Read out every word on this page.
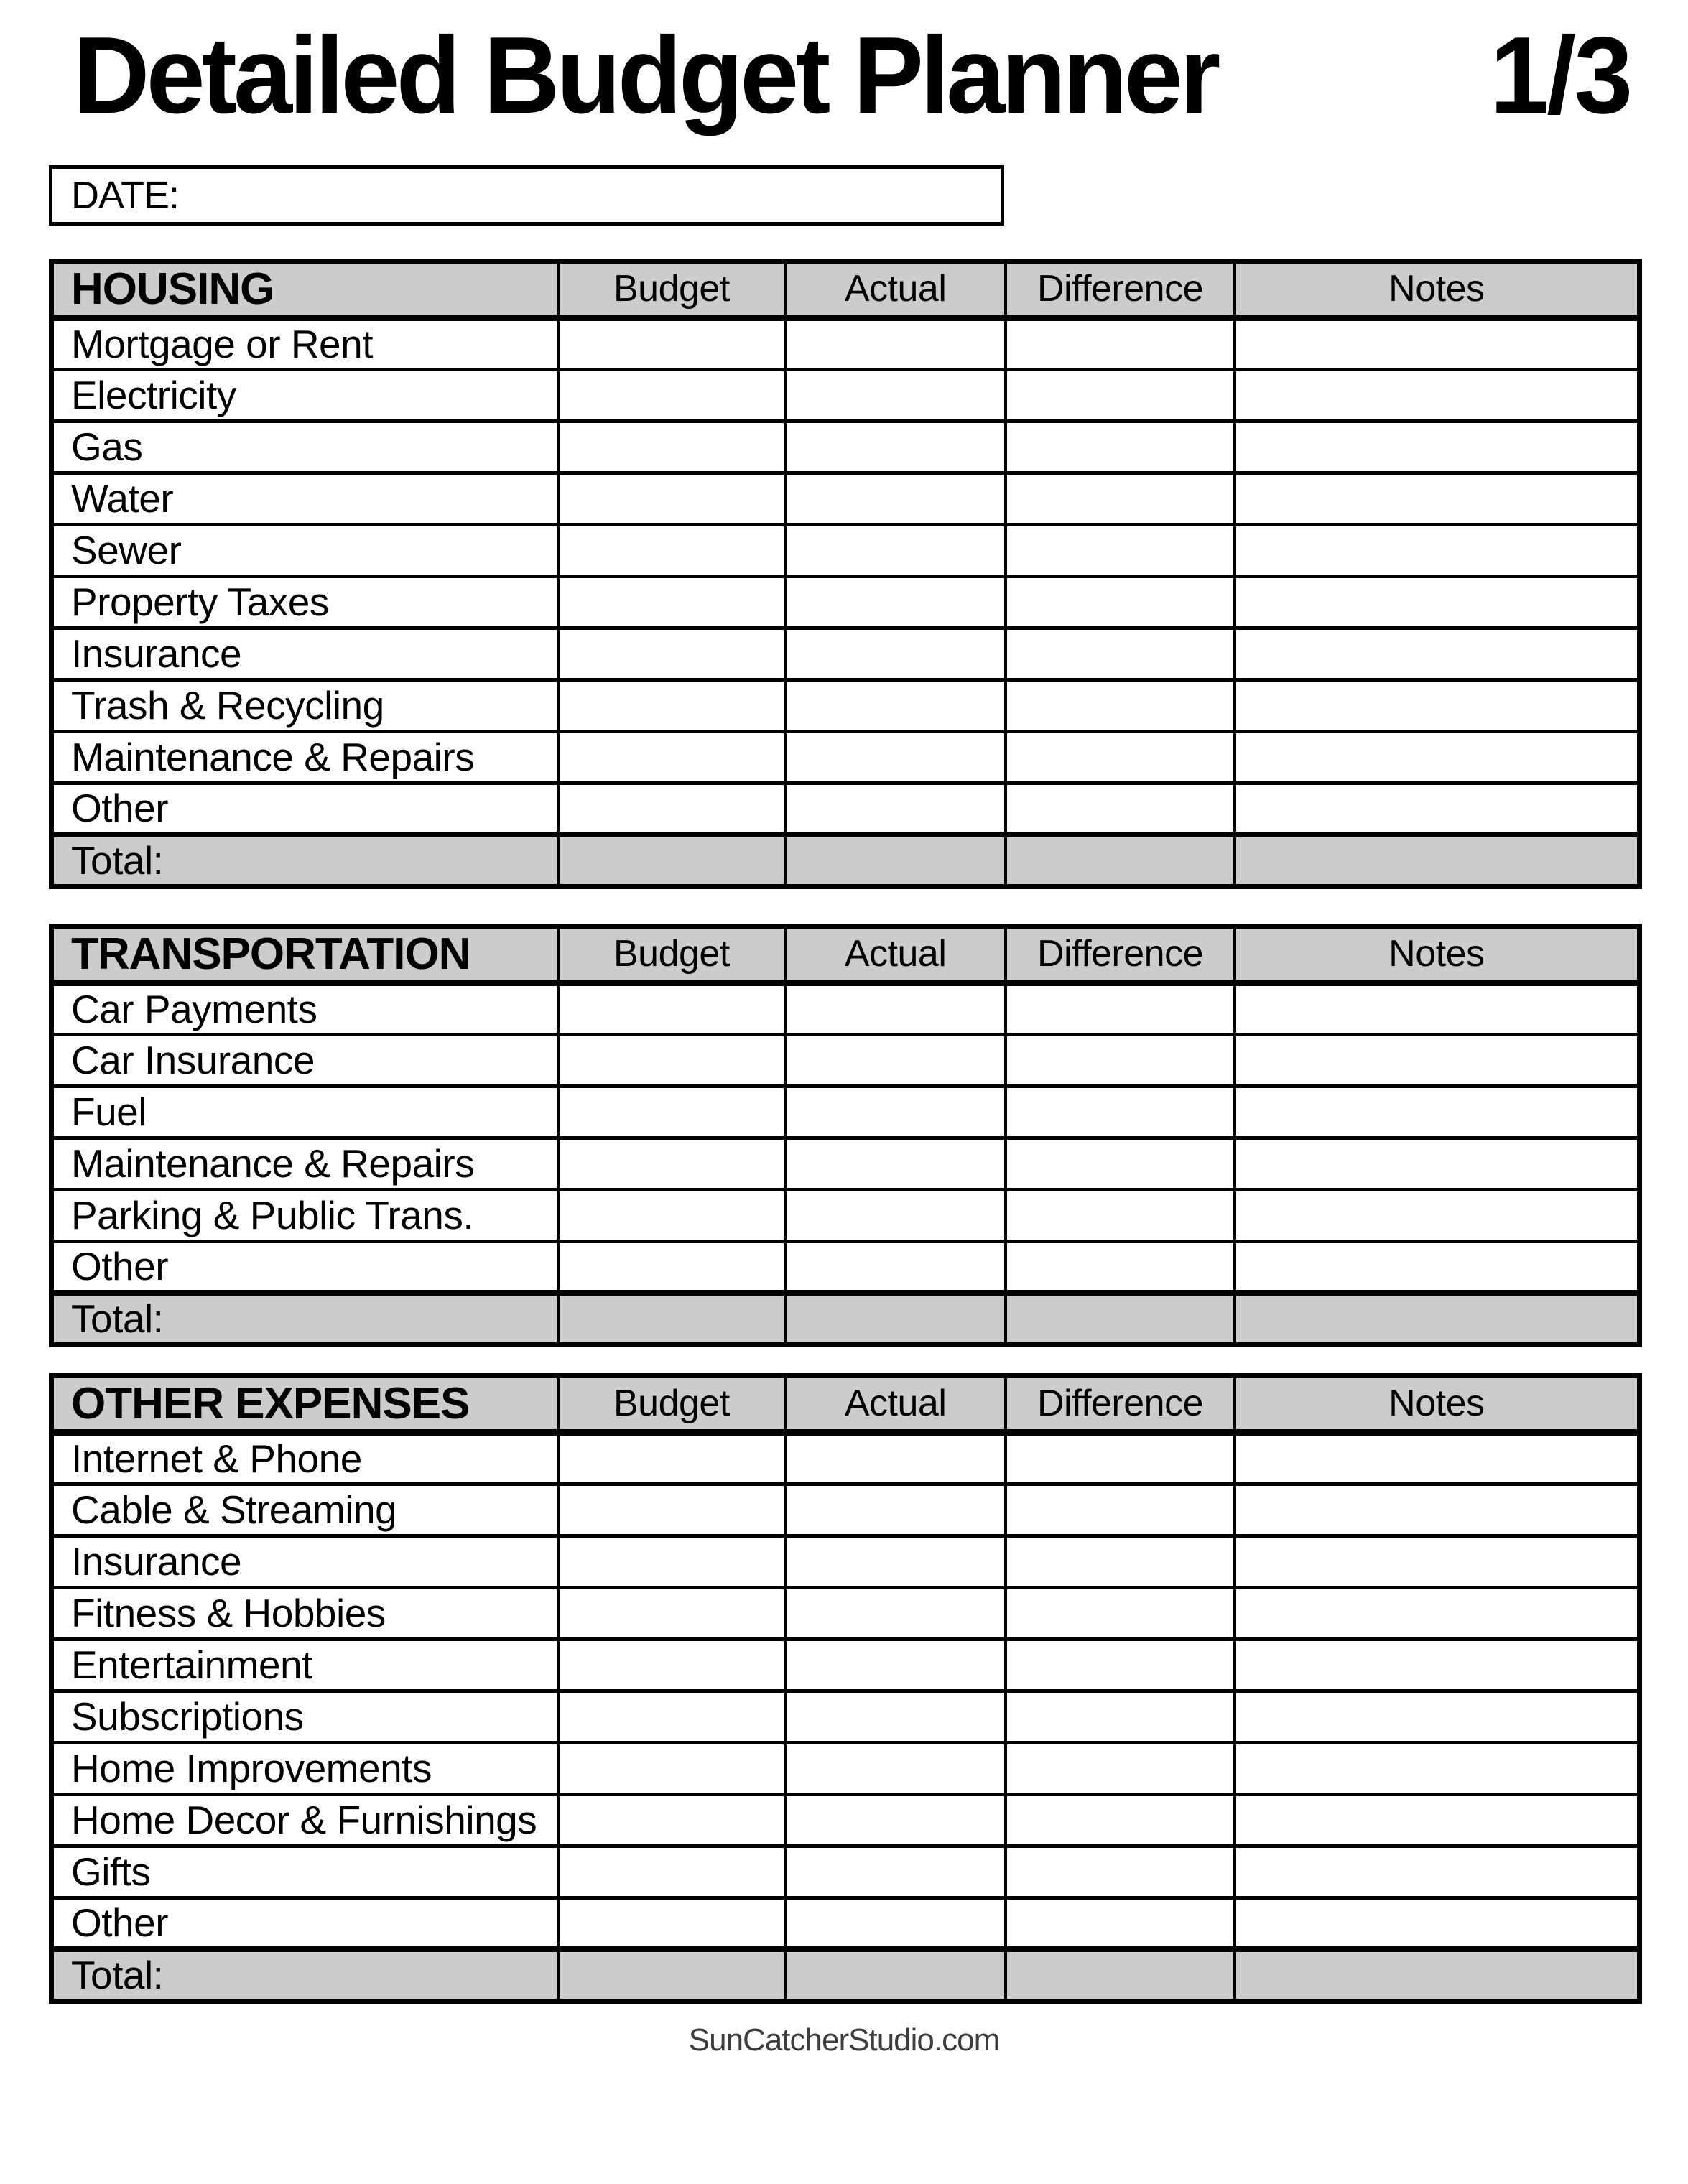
Detailed Budget Planner 1/3
DATE:
HOUSING	Budget	Actual	Difference	Notes
Mortgage or Rent				
Electricity				
Gas				
Water				
Sewer				
Property Taxes				
Insurance				
Trash & Recycling				
Maintenance & Repairs				
Other				
Total:				
TRANSPORTATION	Budget	Actual	Difference	Notes
Car Payments				
Car Insurance				
Fuel				
Maintenance & Repairs				
Parking & Public Trans.				
Other				
Total:				
OTHER EXPENSES	Budget	Actual	Difference	Notes
Internet & Phone				
Cable & Streaming				
Insurance				
Fitness & Hobbies				
Entertainment				
Subscriptions				
Home Improvements				
Home Decor & Furnishings				
Gifts				
Other				
Total:				
SunCatcherStudio.com
